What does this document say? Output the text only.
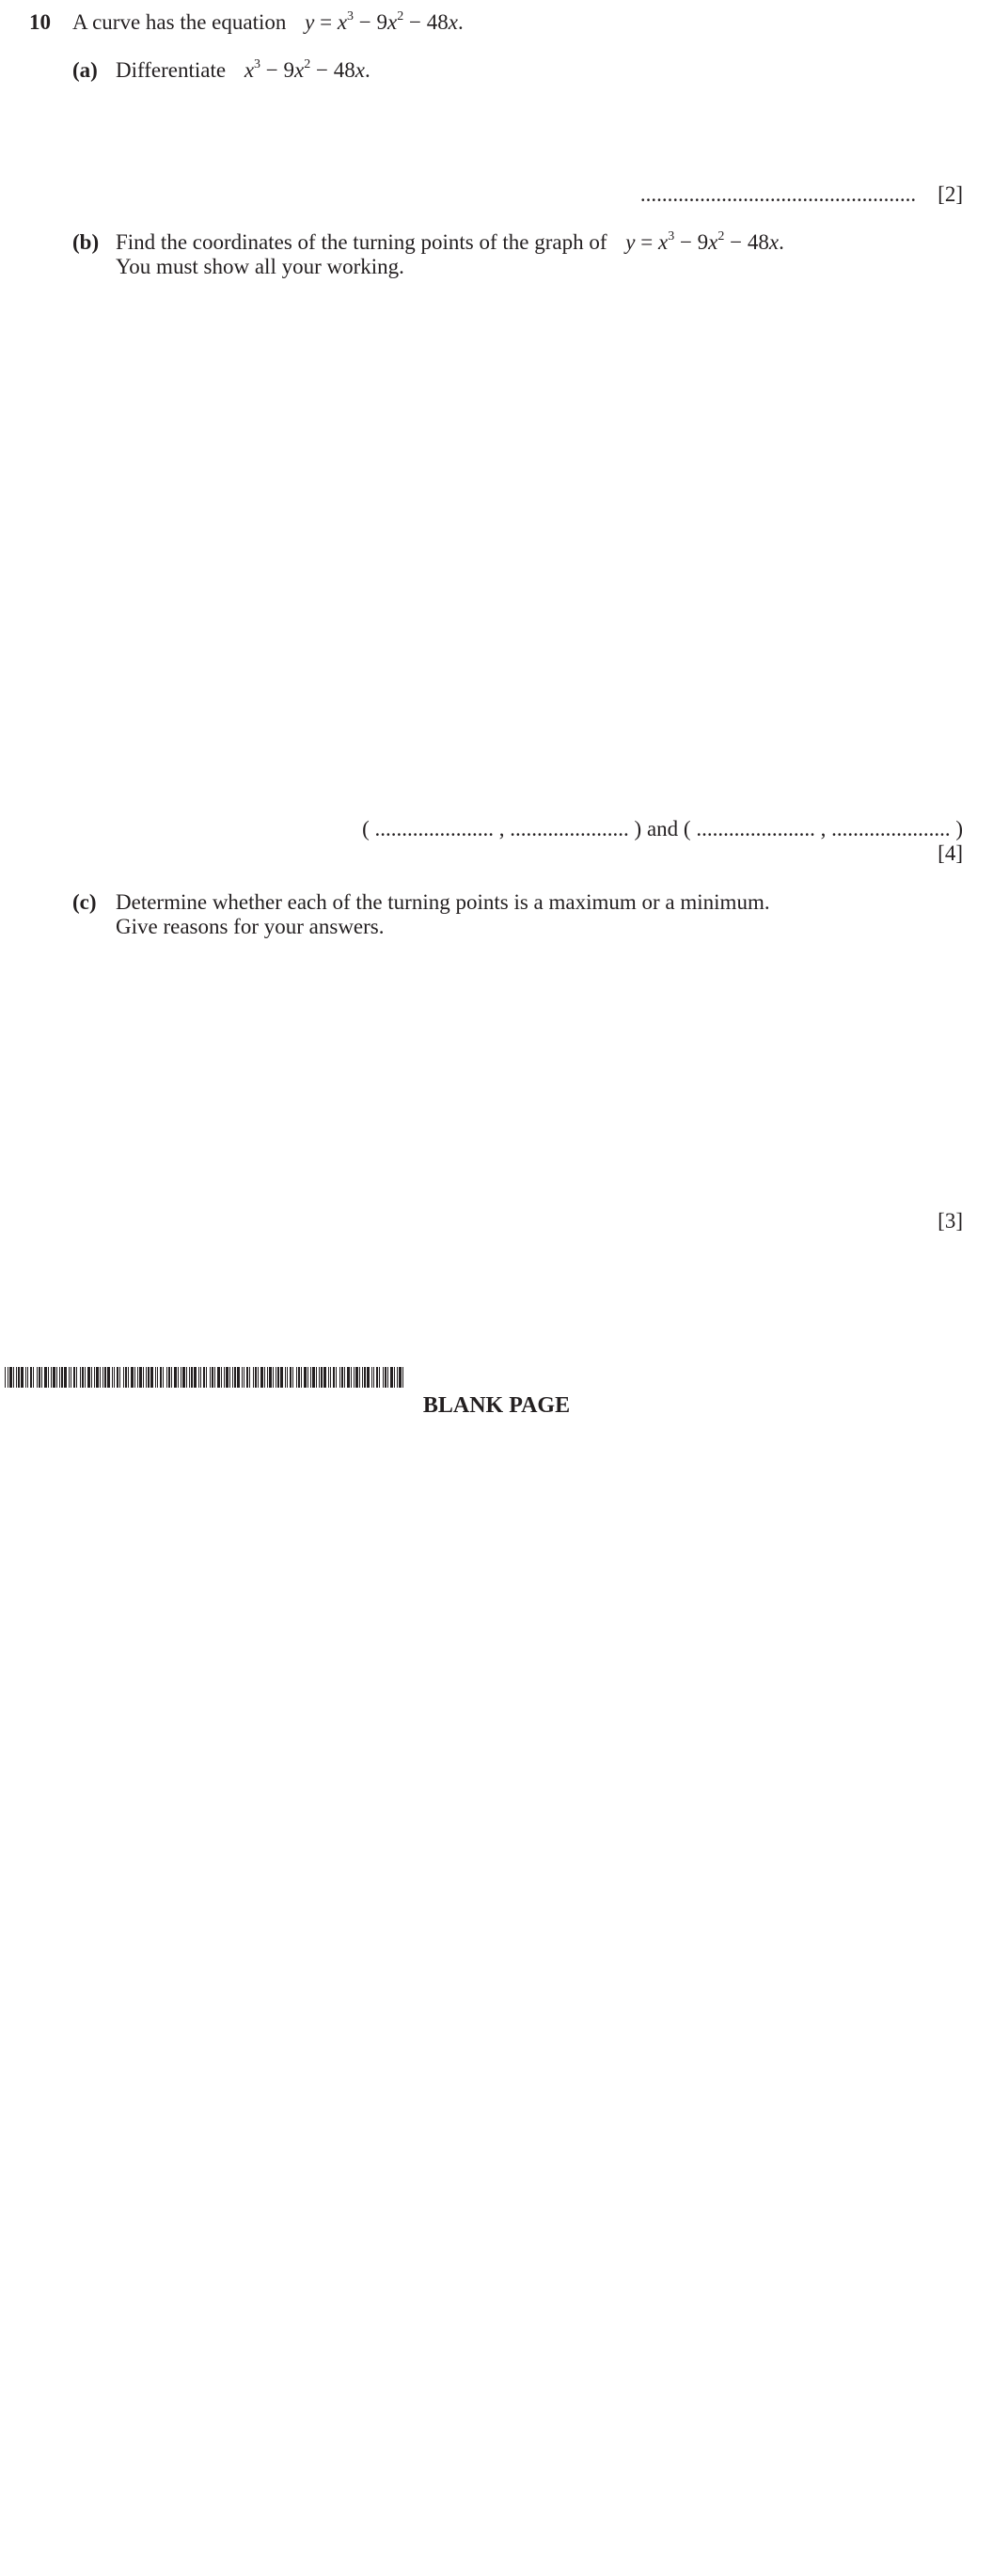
10 A curve has the equation $y = x^3 - 9x^2 - 48x$.
(a) Differentiate $x^3 - 9x^2 - 48x$.
................................................... [2]
(b) Find the coordinates of the turning points of the graph of $y = x^3 - 9x^2 - 48x$.
You must show all your working.
( ...................... , ...................... ) and ( ...................... , ...................... )
[4]
(c) Determine whether each of the turning points is a maximum or a minimum.
Give reasons for your answers.
[3]
BLANK PAGE
